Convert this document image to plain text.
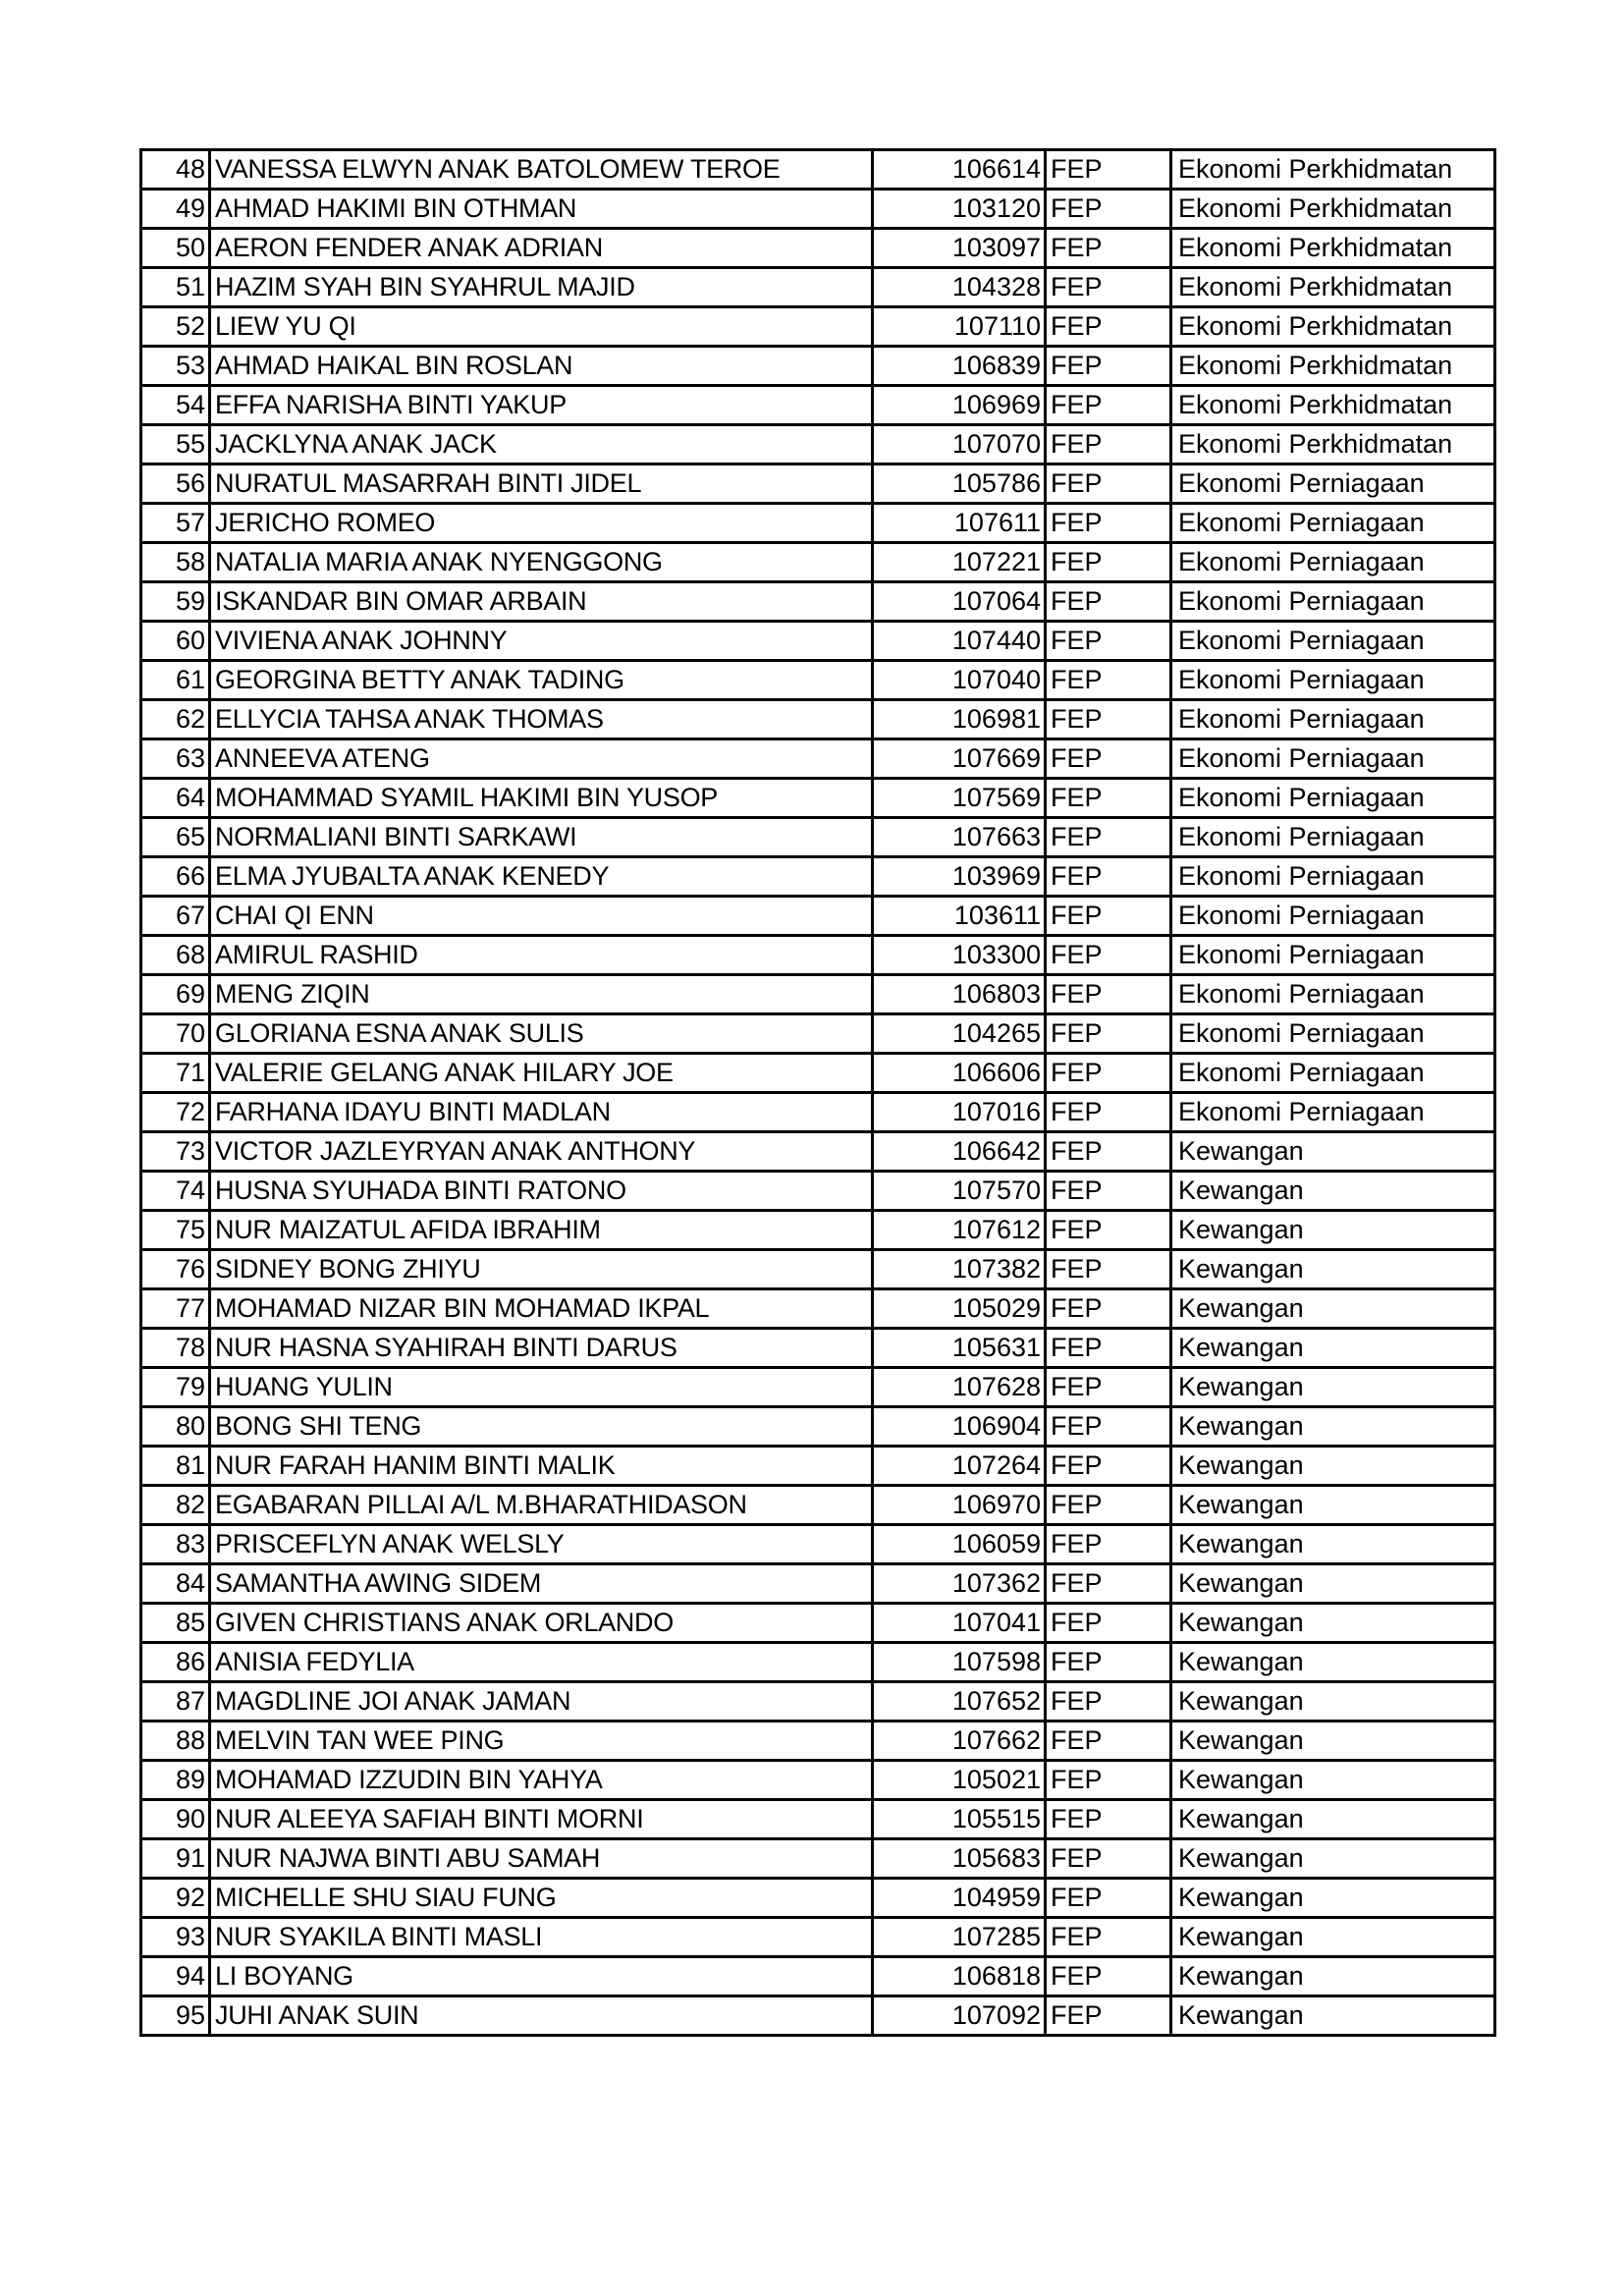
48	VANESSA ELWYN ANAK BATOLOMEW TEROE	106614	FEP	Ekonomi Perkhidmatan
49	AHMAD HAKIMI BIN OTHMAN	103120	FEP	Ekonomi Perkhidmatan
50	AERON FENDER ANAK ADRIAN	103097	FEP	Ekonomi Perkhidmatan
51	HAZIM SYAH BIN SYAHRUL MAJID	104328	FEP	Ekonomi Perkhidmatan
52	LIEW YU QI	107110	FEP	Ekonomi Perkhidmatan
53	AHMAD HAIKAL BIN ROSLAN	106839	FEP	Ekonomi Perkhidmatan
54	EFFA NARISHA BINTI YAKUP	106969	FEP	Ekonomi Perkhidmatan
55	JACKLYNA ANAK JACK	107070	FEP	Ekonomi Perkhidmatan
56	NURATUL MASARRAH BINTI JIDEL	105786	FEP	Ekonomi Perniagaan
57	JERICHO ROMEO	107611	FEP	Ekonomi Perniagaan
58	NATALIA MARIA ANAK NYENGGONG	107221	FEP	Ekonomi Perniagaan
59	ISKANDAR BIN OMAR ARBAIN	107064	FEP	Ekonomi Perniagaan
60	VIVIENA ANAK JOHNNY	107440	FEP	Ekonomi Perniagaan
61	GEORGINA BETTY ANAK TADING	107040	FEP	Ekonomi Perniagaan
62	ELLYCIA TAHSA ANAK THOMAS	106981	FEP	Ekonomi Perniagaan
63	ANNEEVA ATENG	107669	FEP	Ekonomi Perniagaan
64	MOHAMMAD SYAMIL HAKIMI BIN YUSOP	107569	FEP	Ekonomi Perniagaan
65	NORMALIANI BINTI SARKAWI	107663	FEP	Ekonomi Perniagaan
66	ELMA JYUBALTA ANAK KENEDY	103969	FEP	Ekonomi Perniagaan
67	CHAI QI ENN	103611	FEP	Ekonomi Perniagaan
68	AMIRUL RASHID	103300	FEP	Ekonomi Perniagaan
69	MENG ZIQIN	106803	FEP	Ekonomi Perniagaan
70	GLORIANA ESNA ANAK SULIS	104265	FEP	Ekonomi Perniagaan
71	VALERIE GELANG ANAK HILARY JOE	106606	FEP	Ekonomi Perniagaan
72	FARHANA IDAYU BINTI MADLAN	107016	FEP	Ekonomi Perniagaan
73	VICTOR JAZLEYRYAN ANAK ANTHONY	106642	FEP	Kewangan
74	HUSNA SYUHADA BINTI RATONO	107570	FEP	Kewangan
75	NUR MAIZATUL AFIDA IBRAHIM	107612	FEP	Kewangan
76	SIDNEY BONG ZHIYU	107382	FEP	Kewangan
77	MOHAMAD NIZAR BIN MOHAMAD IKPAL	105029	FEP	Kewangan
78	NUR HASNA SYAHIRAH BINTI DARUS	105631	FEP	Kewangan
79	HUANG YULIN	107628	FEP	Kewangan
80	BONG SHI TENG	106904	FEP	Kewangan
81	NUR FARAH HANIM BINTI MALIK	107264	FEP	Kewangan
82	EGABARAN PILLAI A/L M.BHARATHIDASON	106970	FEP	Kewangan
83	PRISCEFLYN ANAK WELSLY	106059	FEP	Kewangan
84	SAMANTHA AWING SIDEM	107362	FEP	Kewangan
85	GIVEN CHRISTIANS ANAK ORLANDO	107041	FEP	Kewangan
86	ANISIA FEDYLIA	107598	FEP	Kewangan
87	MAGDLINE JOI ANAK JAMAN	107652	FEP	Kewangan
88	MELVIN TAN WEE PING	107662	FEP	Kewangan
89	MOHAMAD IZZUDIN BIN YAHYA	105021	FEP	Kewangan
90	NUR ALEEYA SAFIAH BINTI MORNI	105515	FEP	Kewangan
91	NUR NAJWA BINTI ABU SAMAH	105683	FEP	Kewangan
92	MICHELLE SHU SIAU FUNG	104959	FEP	Kewangan
93	NUR SYAKILA BINTI MASLI	107285	FEP	Kewangan
94	LI BOYANG	106818	FEP	Kewangan
95	JUHI ANAK SUIN	107092	FEP	Kewangan
